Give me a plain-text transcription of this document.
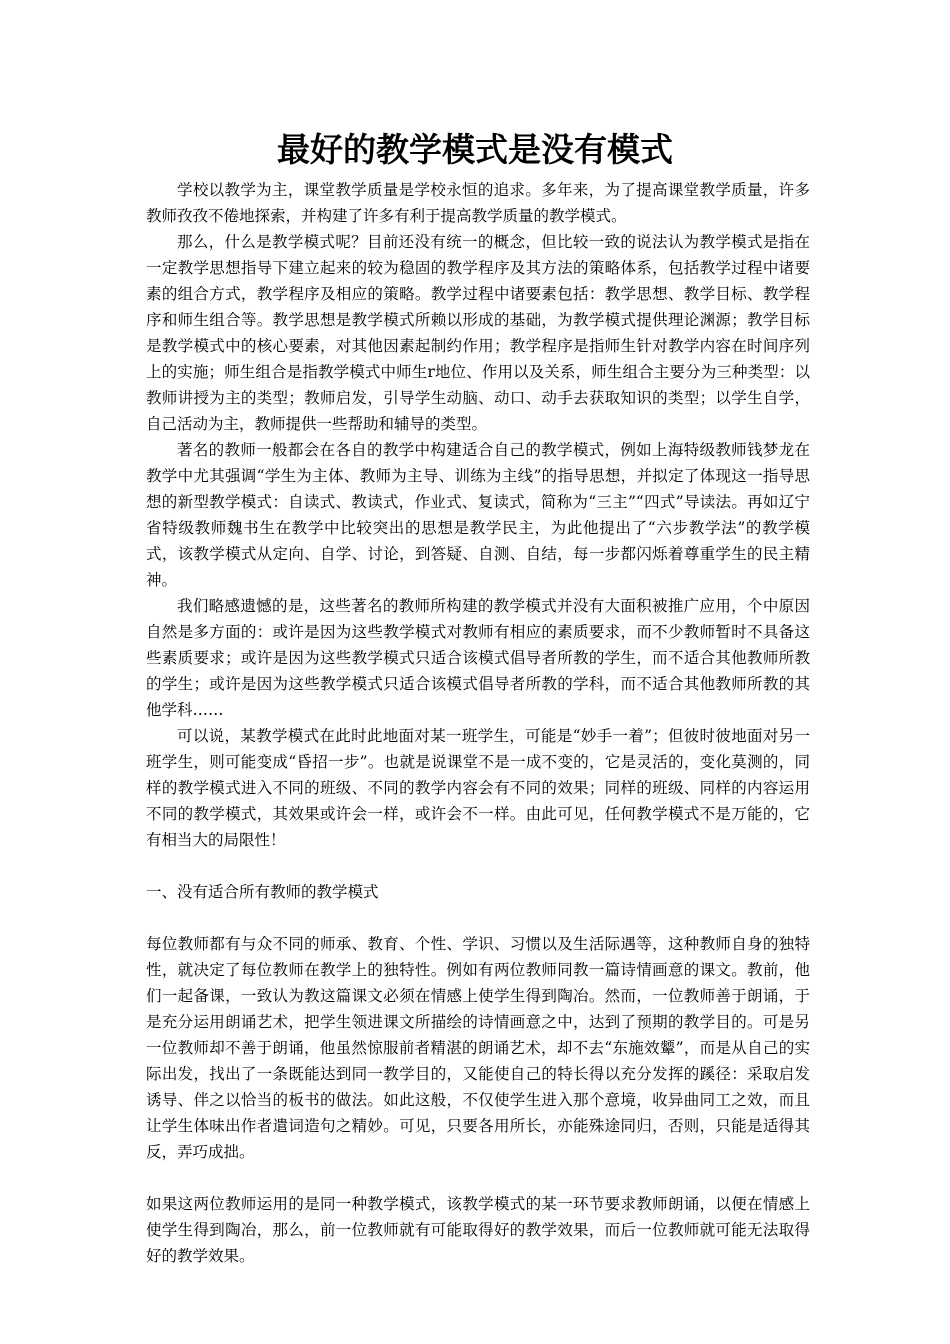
最好的教学模式是没有模式

学校以教学为主，课堂教学质量是学校永恒的追求。多年来，为了提高课堂教学质量，许多教师孜孜不倦地探索，并构建了许多有利于提高教学质量的教学模式。

那么，什么是教学模式呢？目前还没有统一的概念，但比较一致的说法认为教学模式是指在一定教学思想指导下建立起来的较为稳固的教学程序及其方法的策略体系，包括教学过程中诸要素的组合方式，教学程序及相应的策略。教学过程中诸要素包括：教学思想、教学目标、教学程序和师生组合等。教学思想是教学模式所赖以形成的基础，为教学模式提供理论渊源；教学目标是教学模式中的核心要素，对其他因素起制约作用；教学程序是指师生针对教学内容在时间序列上的实施；师生组合是指教学模式中师生r地位、作用以及关系，师生组合主要分为三种类型：以教师讲授为主的类型；教师启发，引导学生动脑、动口、动手去获取知识的类型；以学生自学，自己活动为主，教师提供一些帮助和辅导的类型。

著名的教师一般都会在各自的教学中构建适合自己的教学模式，例如上海特级教师钱梦龙在教学中尤其强调“学生为主体、教师为主导、训练为主线”的指导思想，并拟定了体现这一指导思想的新型教学模式：自读式、教读式，作业式、复读式，简称为“三主”“四式”导读法。再如辽宁省特级教师魏书生在教学中比较突出的思想是教学民主，为此他提出了“六步教学法”的教学模式，该教学模式从定向、自学、讨论，到答疑、自测、自结，每一步都闪烁着尊重学生的民主精神。

我们略感遗憾的是，这些著名的教师所构建的教学模式并没有大面积被推广应用，个中原因自然是多方面的：或许是因为这些教学模式对教师有相应的素质要求，而不少教师暂时不具备这些素质要求；或许是因为这些教学模式只适合该模式倡导者所教的学生，而不适合其他教师所教的学生；或许是因为这些教学模式只适合该模式倡导者所教的学科，而不适合其他教师所教的其他学科……

可以说，某教学模式在此时此地面对某一班学生，可能是“妙手一着”；但彼时彼地面对另一班学生，则可能变成“昏招一步”。也就是说课堂不是一成不变的，它是灵活的，变化莫测的，同样的教学模式进入不同的班级、不同的教学内容会有不同的效果；同样的班级、同样的内容运用不同的教学模式，其效果或许会一样，或许会不一样。由此可见，任何教学模式不是万能的，它有相当大的局限性！

一、没有适合所有教师的教学模式

每位教师都有与众不同的师承、教育、个性、学识、习惯以及生活际遇等，这种教师自身的独特性，就决定了每位教师在教学上的独特性。例如有两位教师同教一篇诗情画意的课文。教前，他们一起备课，一致认为教这篇课文必须在情感上使学生得到陶冶。然而，一位教师善于朗诵，于是充分运用朗诵艺术，把学生领进课文所描绘的诗情画意之中，达到了预期的教学目的。可是另一位教师却不善于朗诵，他虽然惊服前者精湛的朗诵艺术，却不去“东施效颦”，而是从自己的实际出发，找出了一条既能达到同一教学目的，又能使自己的特长得以充分发挥的蹊径：采取启发诱导、伴之以恰当的板书的做法。如此这般，不仅使学生进入那个意境，收异曲同工之效，而且让学生体味出作者遣词造句之精妙。可见，只要各用所长，亦能殊途同归，否则，只能是适得其反，弄巧成拙。

如果这两位教师运用的是同一种教学模式，该教学模式的某一环节要求教师朗诵，以便在情感上使学生得到陶冶，那么，前一位教师就有可能取得好的教学效果，而后一位教师就可能无法取得好的教学效果。
